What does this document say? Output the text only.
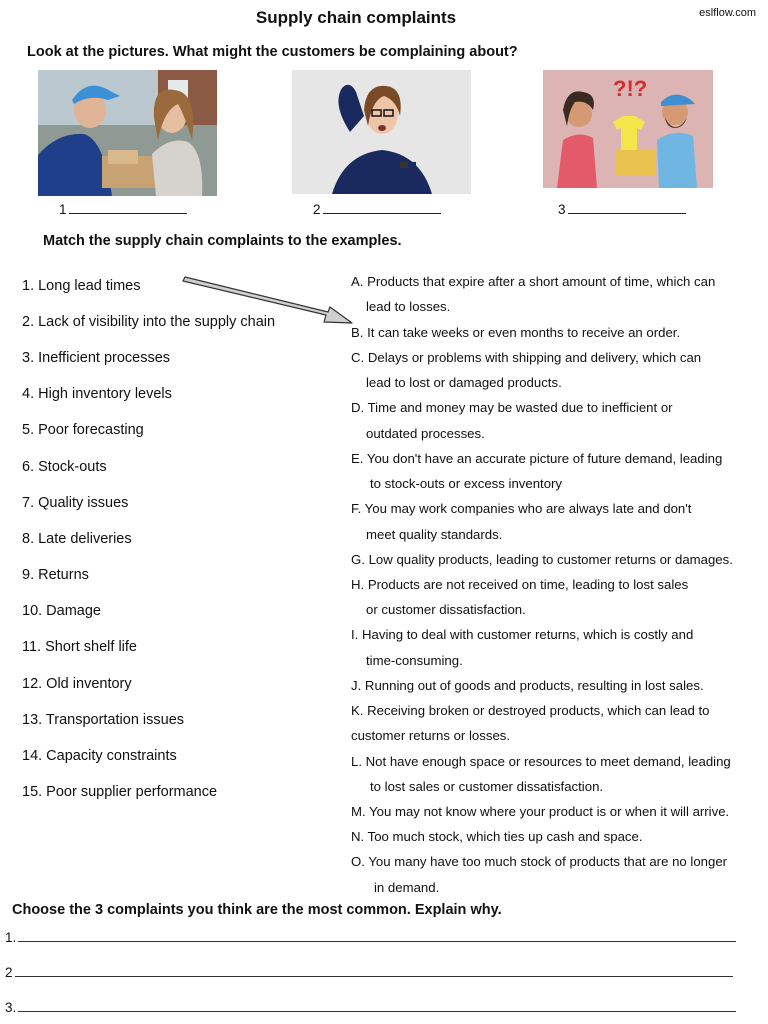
Supply chain complaints	eslflow.com
Look at the pictures. What might the customers be complaining about?
?!?
1	2	3
Match the supply chain complaints to the examples.
1. Long lead times
2. Lack of visibility into the supply chain
3. Inefficient processes
4. High inventory levels
5. Poor forecasting
6. Stock-outs
7. Quality issues
8. Late deliveries
9. Returns
10. Damage
11. Short shelf life
12. Old inventory
13. Transportation issues
14. Capacity constraints
15. Poor supplier performance
A. Products that expire after a short amount of time, which can
lead to losses.
B. It can take weeks or even months to receive an order.
C. Delays or problems with shipping and delivery, which can
lead to lost or damaged products.
D. Time and money may be wasted due to inefficient or
outdated processes.
E. You don't have an accurate picture of future demand, leading
to stock-outs or excess inventory
F. You may work companies who are always late and don't
meet quality standards.
G. Low quality products, leading to customer returns or damages.
H. Products are not received on time, leading to lost sales
or customer dissatisfaction.
I. Having to deal with customer returns, which is costly and
time-consuming.
J. Running out of goods and products, resulting in lost sales.
K. Receiving broken or destroyed products, which can lead to
customer returns or losses.
L. Not have enough space or resources to meet demand, leading
to lost sales or customer dissatisfaction.
M. You may not know where your product is or when it will arrive.
N. Too much stock, which ties up cash and space.
O. You many have too much stock of products that are no longer
in demand.
Choose the 3 complaints you think are the most common. Explain why.
1.
2
3.
